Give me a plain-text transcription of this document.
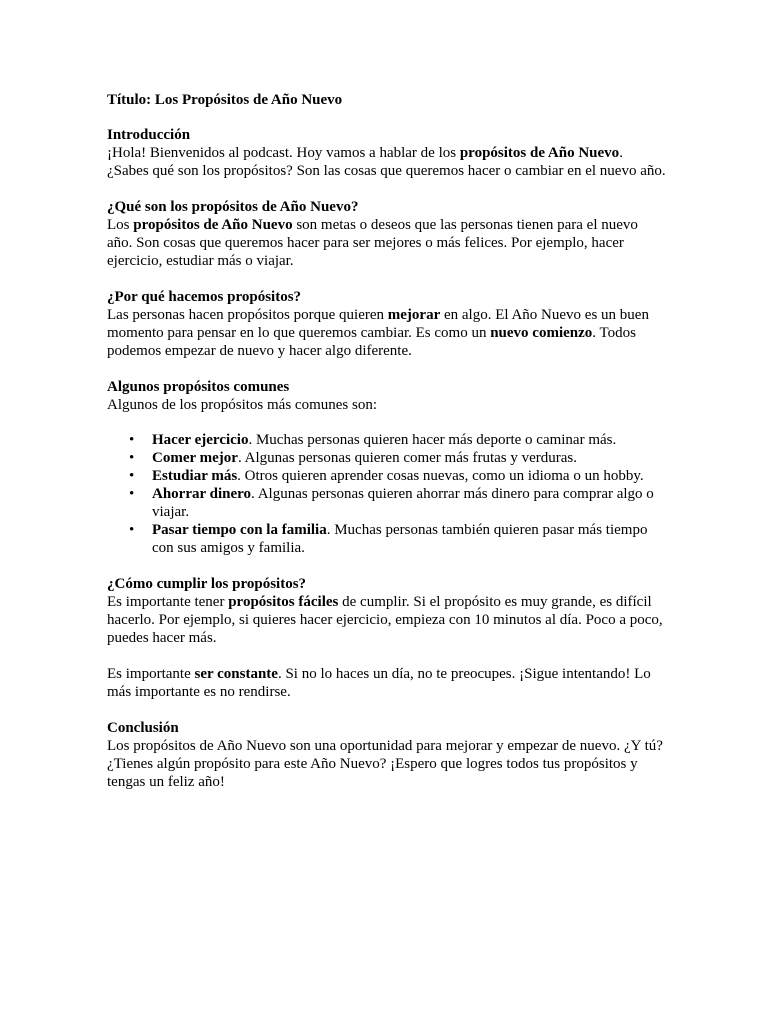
Título: Los Propósitos de Año Nuevo

Introducción

¡Hola! Bienvenidos al podcast. Hoy vamos a hablar de los propósitos de Año Nuevo. ¿Sabes qué son los propósitos? Son las cosas que queremos hacer o cambiar en el nuevo año.

¿Qué son los propósitos de Año Nuevo?

Los propósitos de Año Nuevo son metas o deseos que las personas tienen para el nuevo año. Son cosas que queremos hacer para ser mejores o más felices. Por ejemplo, hacer ejercicio, estudiar más o viajar.

¿Por qué hacemos propósitos?

Las personas hacen propósitos porque quieren mejorar en algo. El Año Nuevo es un buen momento para pensar en lo que queremos cambiar. Es como un nuevo comienzo. Todos podemos empezar de nuevo y hacer algo diferente.

Algunos propósitos comunes

Algunos de los propósitos más comunes son:

• Hacer ejercicio. Muchas personas quieren hacer más deporte o caminar más.
• Comer mejor. Algunas personas quieren comer más frutas y verduras.
• Estudiar más. Otros quieren aprender cosas nuevas, como un idioma o un hobby.
• Ahorrar dinero. Algunas personas quieren ahorrar más dinero para comprar algo o viajar.
• Pasar tiempo con la familia. Muchas personas también quieren pasar más tiempo con sus amigos y familia.

¿Cómo cumplir los propósitos?

Es importante tener propósitos fáciles de cumplir. Si el propósito es muy grande, es difícil hacerlo. Por ejemplo, si quieres hacer ejercicio, empieza con 10 minutos al día. Poco a poco, puedes hacer más.

Es importante ser constante. Si no lo haces un día, no te preocupes. ¡Sigue intentando! Lo más importante es no rendirse.

Conclusión

Los propósitos de Año Nuevo son una oportunidad para mejorar y empezar de nuevo. ¿Y tú? ¿Tienes algún propósito para este Año Nuevo? ¡Espero que logres todos tus propósitos y tengas un feliz año!
